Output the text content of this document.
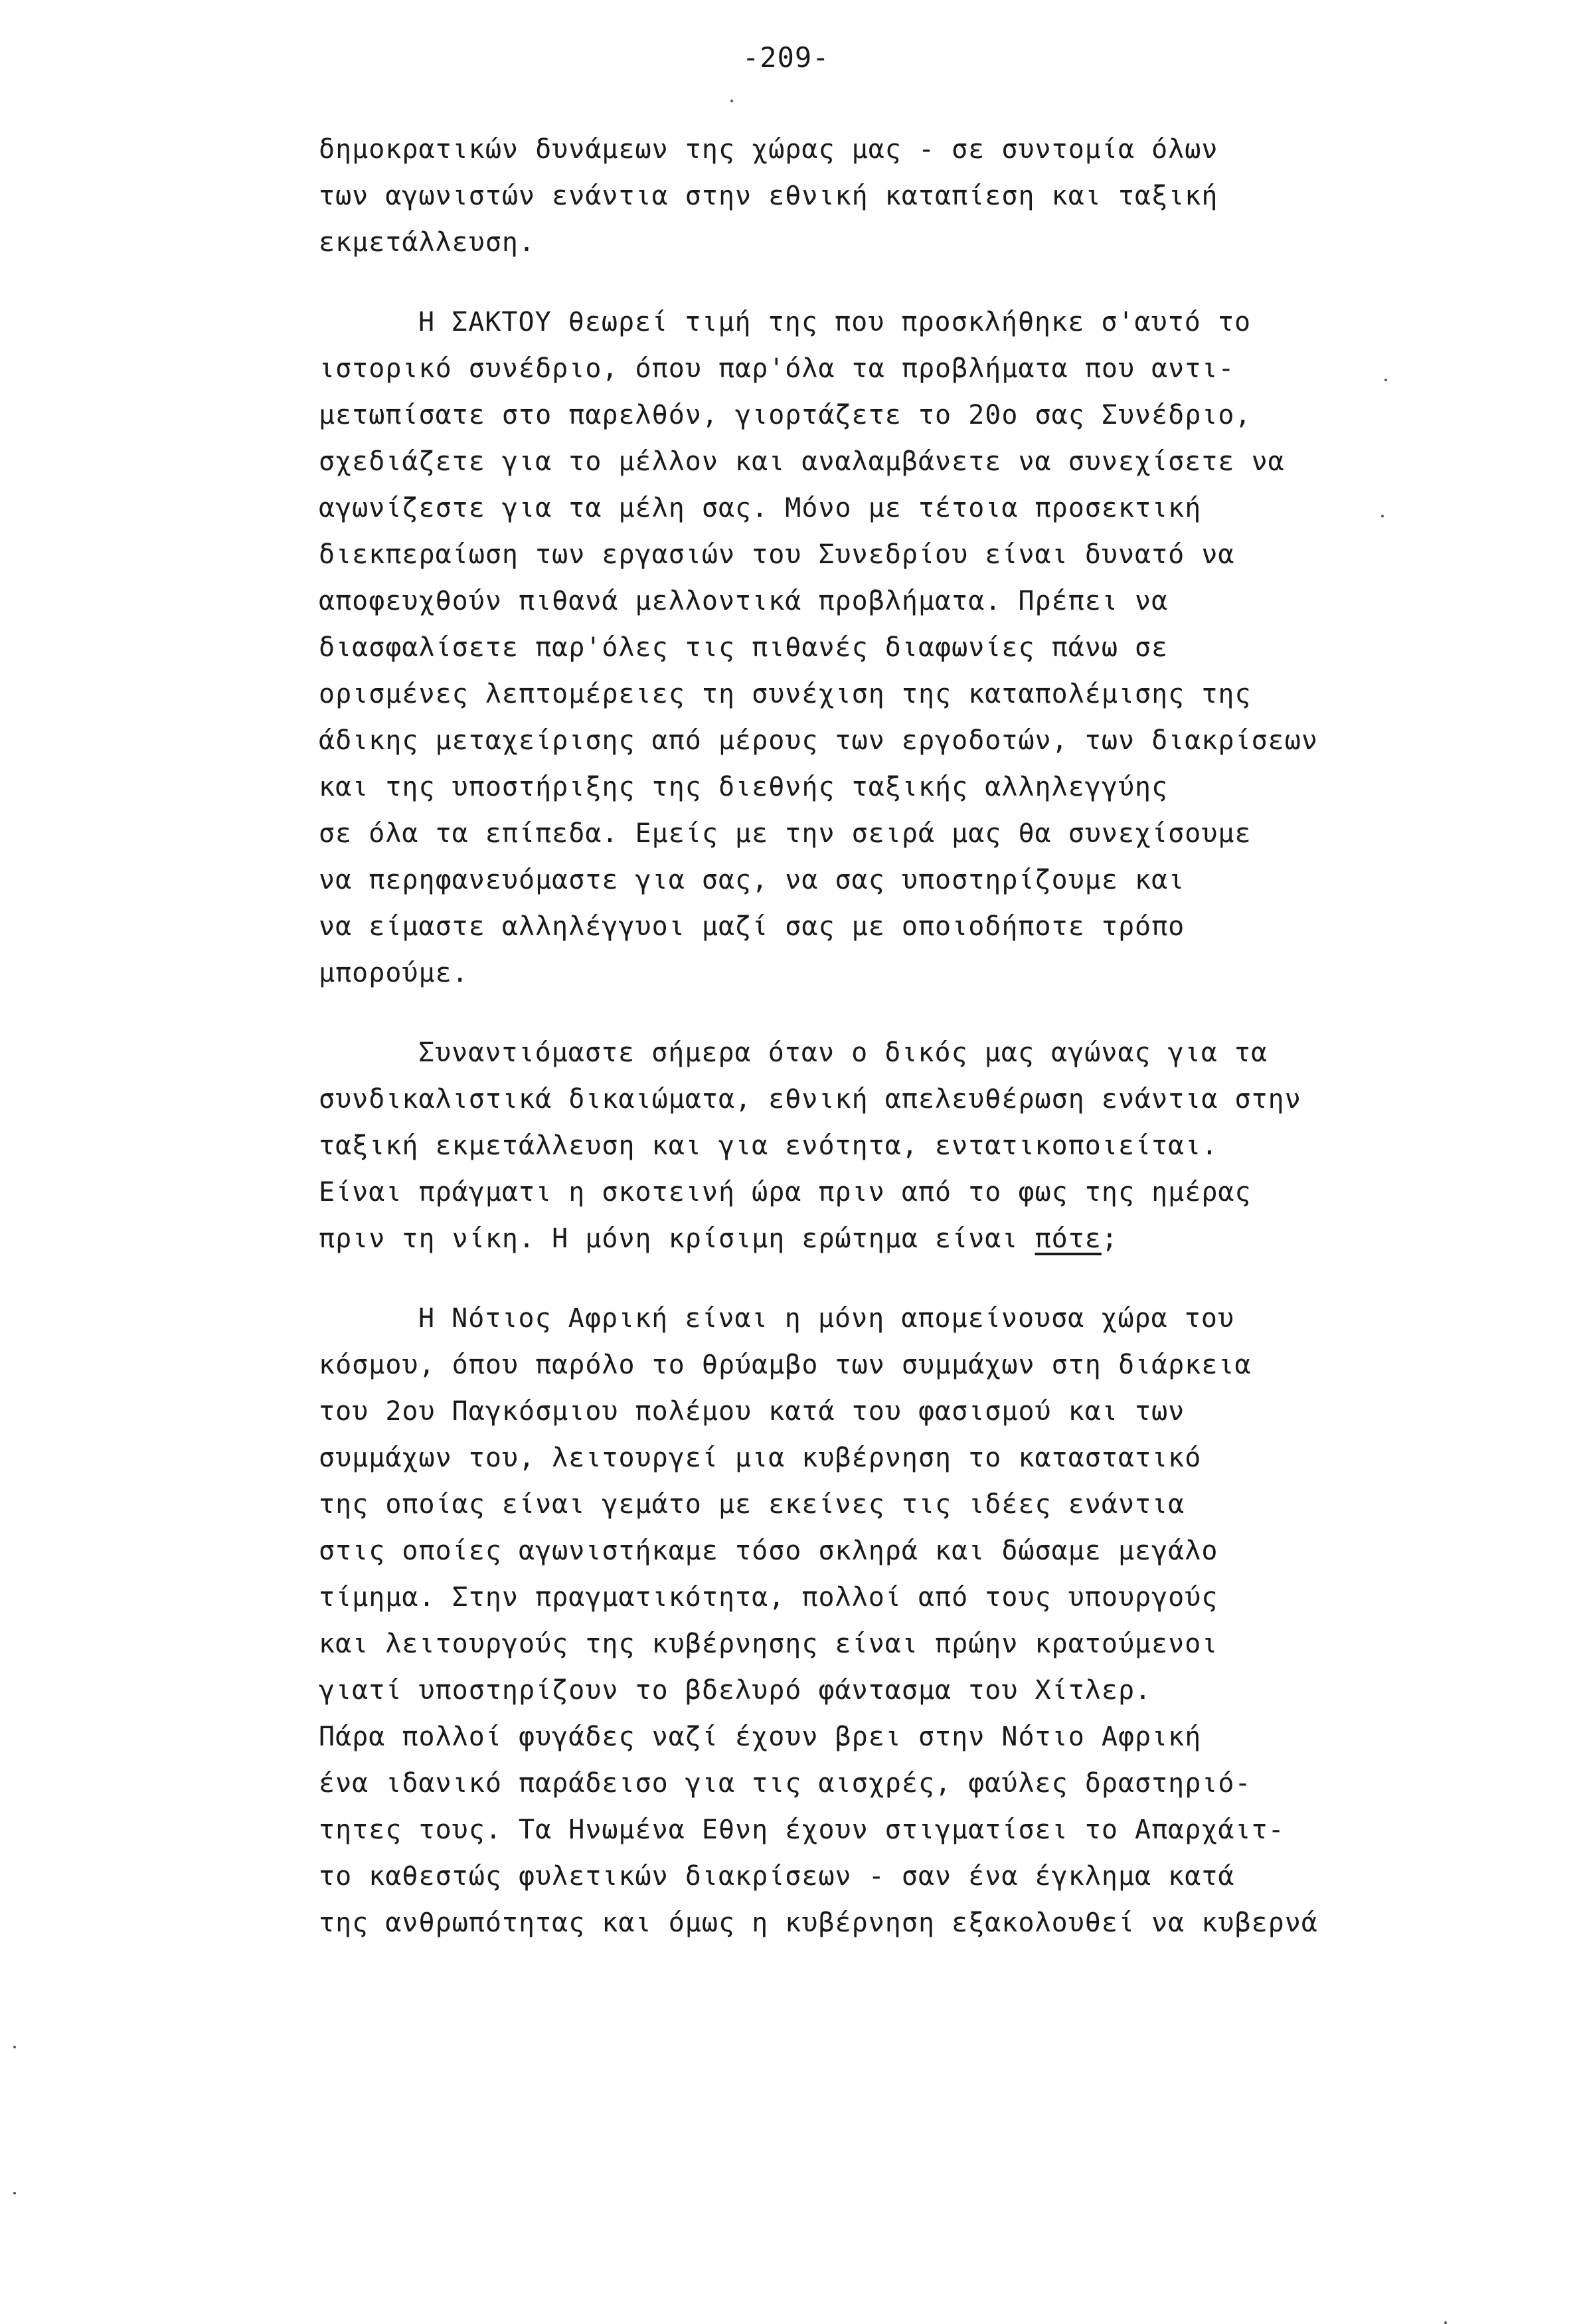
-209-
δημοκρατικών δυνάμεων της χώρας μας - σε συντομία όλων
των αγωνιστών ενάντια στην εθνική καταπίεση και ταξική
εκμετάλλευση.
Η ΣΑΚΤΟΥ θεωρεί τιμή της που προσκλήθηκε σ'αυτό το
ιστορικό συνέδριο, όπου παρ'όλα τα προβλήματα που αντι-
μετωπίσατε στο παρελθόν, γιορτάζετε το 20ο σας Συνέδριο,
σχεδιάζετε για το μέλλον και αναλαμβάνετε να συνεχίσετε να
αγωνίζεστε για τα μέλη σας. Μόνο με τέτοια προσεκτική
διεκπεραίωση των εργασιών του Συνεδρίου είναι δυνατό να
αποφευχθούν πιθανά μελλοντικά προβλήματα. Πρέπει να
διασφαλίσετε παρ'όλες τις πιθανές διαφωνίες πάνω σε
ορισμένες λεπτομέρειες τη συνέχιση της καταπολέμισης της
άδικης μεταχείρισης από μέρους των εργοδοτών, των διακρίσεων
και της υποστήριξης της διεθνής ταξικής αλληλεγγύης
σε όλα τα επίπεδα. Εμείς με την σειρά μας θα συνεχίσουμε
να περηφανευόμαστε για σας, να σας υποστηρίζουμε και
να είμαστε αλληλέγγυοι μαζί σας με οποιοδήποτε τρόπο
μπορούμε.
Συναντιόμαστε σήμερα όταν ο δικός μας αγώνας για τα
συνδικαλιστικά δικαιώματα, εθνική απελευθέρωση ενάντια στην
ταξική εκμετάλλευση και για ενότητα, εντατικοποιείται.
Είναι πράγματι η σκοτεινή ώρα πριν από το φως της ημέρας
πριν τη νίκη. Η μόνη κρίσιμη ερώτημα είναι πότε;
Η Νότιος Αφρική είναι η μόνη απομείνουσα χώρα του
κόσμου, όπου παρόλο το θρύαμβο των συμμάχων στη διάρκεια
του 2ου Παγκόσμιου πολέμου κατά του φασισμού και των
συμμάχων του, λειτουργεί μια κυβέρνηση το καταστατικό
της οποίας είναι γεμάτο με εκείνες τις ιδέες ενάντια
στις οποίες αγωνιστήκαμε τόσο σκληρά και δώσαμε μεγάλο
τίμημα. Στην πραγματικότητα, πολλοί από τους υπουργούς
και λειτουργούς της κυβέρνησης είναι πρώην κρατούμενοι
γιατί υποστηρίζουν το βδελυρό φάντασμα του Χίτλερ.
Πάρα πολλοί φυγάδες ναζί έχουν βρει στην Νότιο Αφρική
ένα ιδανικό παράδεισο για τις αισχρές, φαύλες δραστηριό-
τητες τους. Τα Ηνωμένα Εθνη έχουν στιγματίσει το Απαρχάιτ-
το καθεστώς φυλετικών διακρίσεων - σαν ένα έγκλημα κατά
της ανθρωπότητας και όμως η κυβέρνηση εξακολουθεί να κυβερνά
